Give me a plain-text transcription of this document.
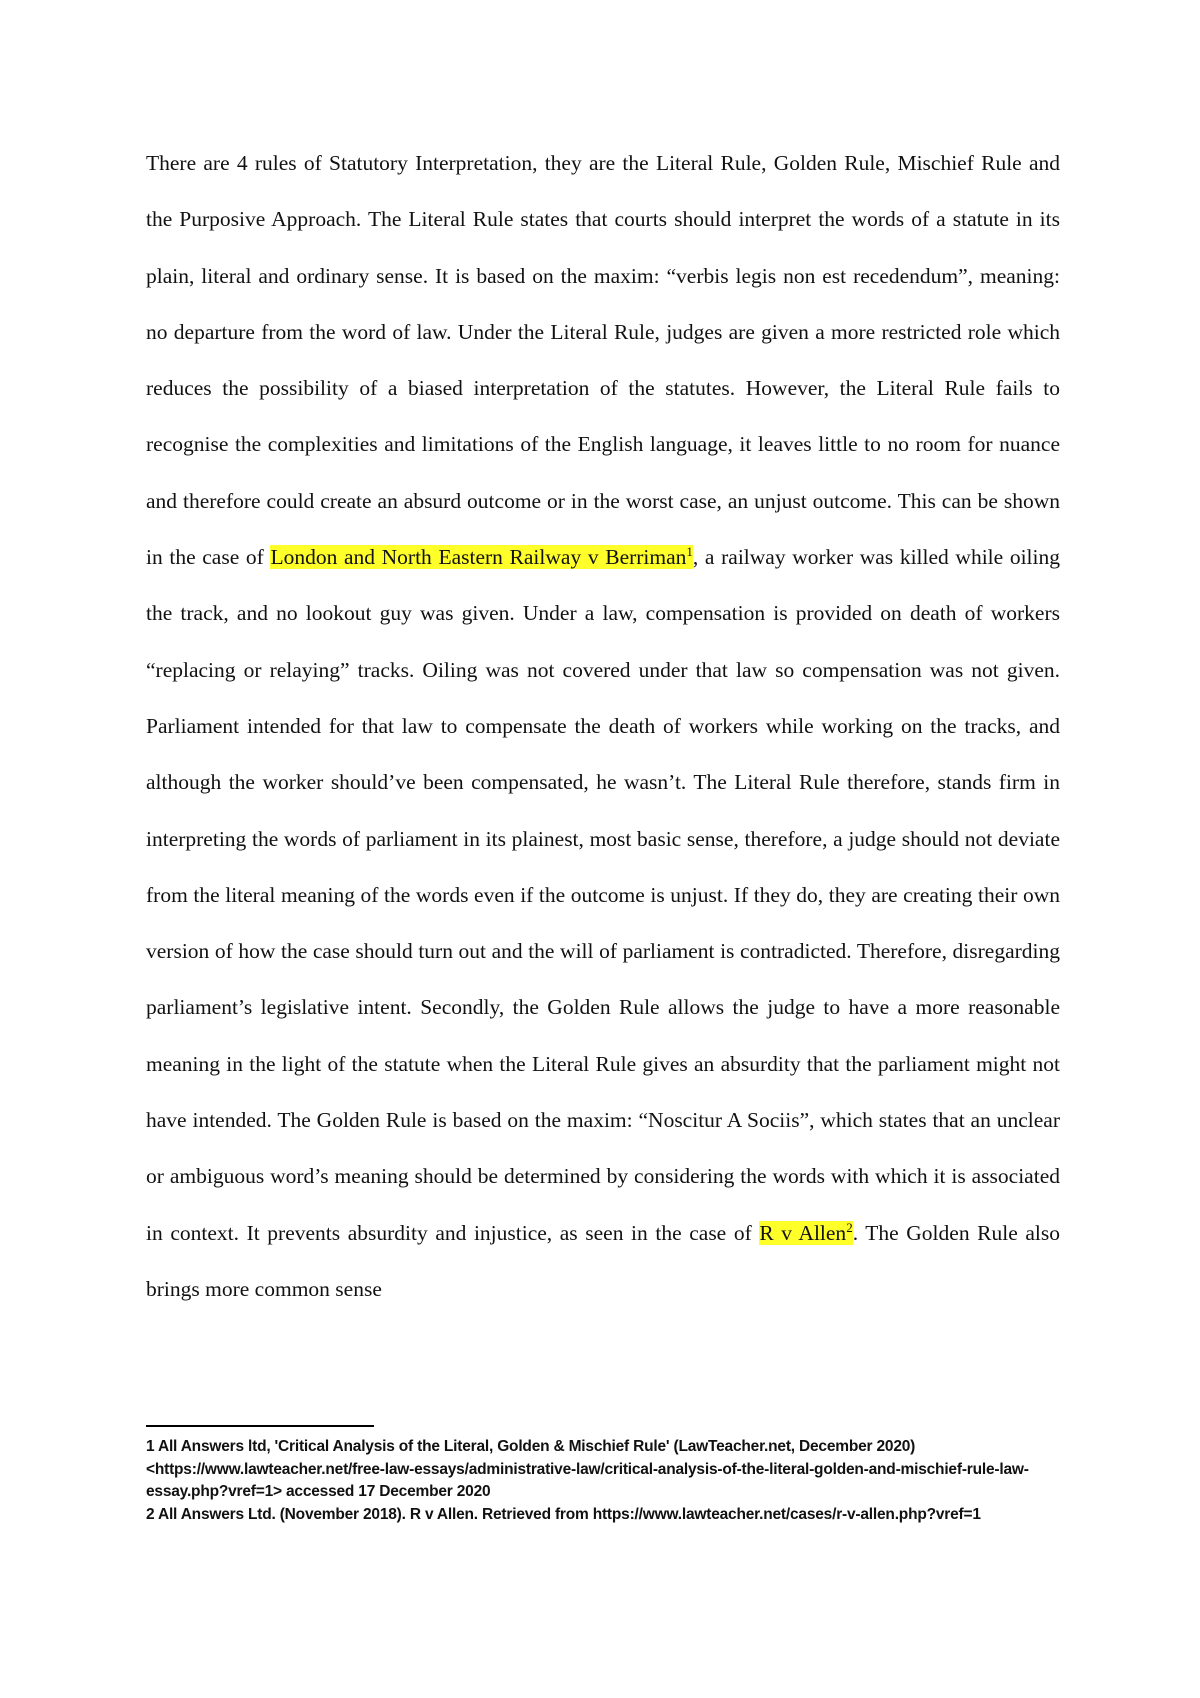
There are 4 rules of Statutory Interpretation, they are the Literal Rule, Golden Rule, Mischief Rule and the Purposive Approach. The Literal Rule states that courts should interpret the words of a statute in its plain, literal and ordinary sense. It is based on the maxim: “verbis legis non est recedendum”, meaning: no departure from the word of law. Under the Literal Rule, judges are given a more restricted role which reduces the possibility of a biased interpretation of the statutes. However, the Literal Rule fails to recognise the complexities and limitations of the English language, it leaves little to no room for nuance and therefore could create an absurd outcome or in the worst case, an unjust outcome. This can be shown in the case of London and North Eastern Railway v Berriman$^1$, a railway worker was killed while oiling the track, and no lookout guy was given. Under a law, compensation is provided on death of workers “replacing or relaying” tracks. Oiling was not covered under that law so compensation was not given. Parliament intended for that law to compensate the death of workers while working on the tracks, and although the worker should’ve been compensated, he wasn’t. The Literal Rule therefore, stands firm in interpreting the words of parliament in its plainest, most basic sense, therefore, a judge should not deviate from the literal meaning of the words even if the outcome is unjust. If they do, they are creating their own version of how the case should turn out and the will of parliament is contradicted. Therefore, disregarding parliament’s legislative intent. Secondly, the Golden Rule allows the judge to have a more reasonable meaning in the light of the statute when the Literal Rule gives an absurdity that the parliament might not have intended. The Golden Rule is based on the maxim: “Noscitur A Sociis”, which states that an unclear or ambiguous word’s meaning should be determined by considering the words with which it is associated in context. It prevents absurdity and injustice, as seen in the case of R v Allen$^2$. The Golden Rule also brings more common sense

1 All Answers ltd, 'Critical Analysis of the Literal, Golden & Mischief Rule' (LawTeacher.net, December 2020) <https://www.lawteacher.net/free-law-essays/administrative-law/critical-analysis-of-the-literal-golden-and-mischief-rule-law-essay.php?vref=1> accessed 17 December 2020

2 All Answers Ltd. (November 2018). R v Allen. Retrieved from https://www.lawteacher.net/cases/r-v-allen.php?vref=1
